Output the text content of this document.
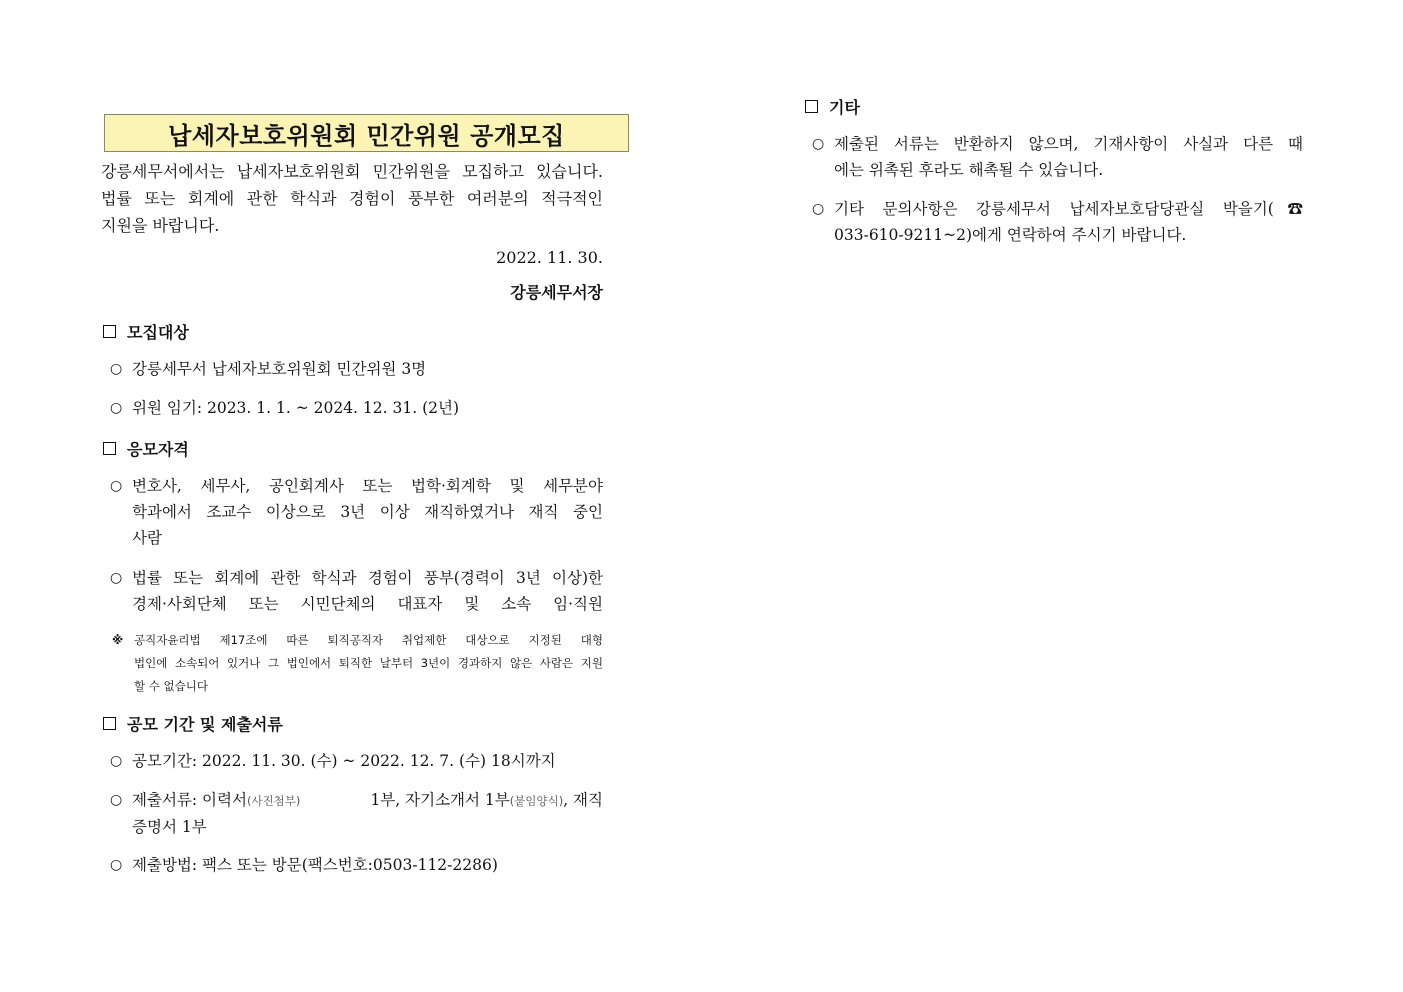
납세자보호위원회 민간위원 공개모집
강릉세무서에서는 납세자보호위원회 민간위원을 모집하고 있습니다.
법률 또는 회계에 관한 학식과 경험이 풍부한 여러분의 적극적인
지원을 바랍니다.
2022. 11. 30.
강릉세무서장
모집대상
○ 강릉세무서 납세자보호위원회 민간위원 3명
○ 위원 임기: 2023. 1. 1. ~ 2024. 12. 31. (2년)
응모자격
○ 변호사, 세무사, 공인회계사 또는 법학·회계학 및 세무분야
학과에서 조교수 이상으로 3년 이상 재직하였거나 재직 중인
사람
○ 법률 또는 회계에 관한 학식과 경험이 풍부(경력이 3년 이상)한
경제·사회단체 또는 시민단체의 대표자 및 소속 임·직원
※ 공직자윤리법 제17조에 따른 퇴직공직자 취업제한 대상으로 지정된 대형
법인에 소속되어 있거나 그 법인에서 퇴직한 날부터 3년이 경과하지 않은 사람은 지원
할 수 없습니다
공모 기간 및 제출서류
○ 공모기간: 2022. 11. 30. (수) ~ 2022. 12. 7. (수) 18시까지
○ 제출서류: 이력서(사진첨부)	1부, 자기소개서 1부(붙임양식), 재직
증명서 1부
○ 제출방법: 팩스 또는 방문(팩스번호:0503-112-2286)
기타
○ 제출된 서류는 반환하지 않으며, 기재사항이 사실과 다른 때
에는 위촉된 후라도 해촉될 수 있습니다.
○ 기타 문의사항은 강릉세무서 납세자보호담당관실 박을기(☎
033-610-9211~2)에게 연락하여 주시기 바랍니다.
